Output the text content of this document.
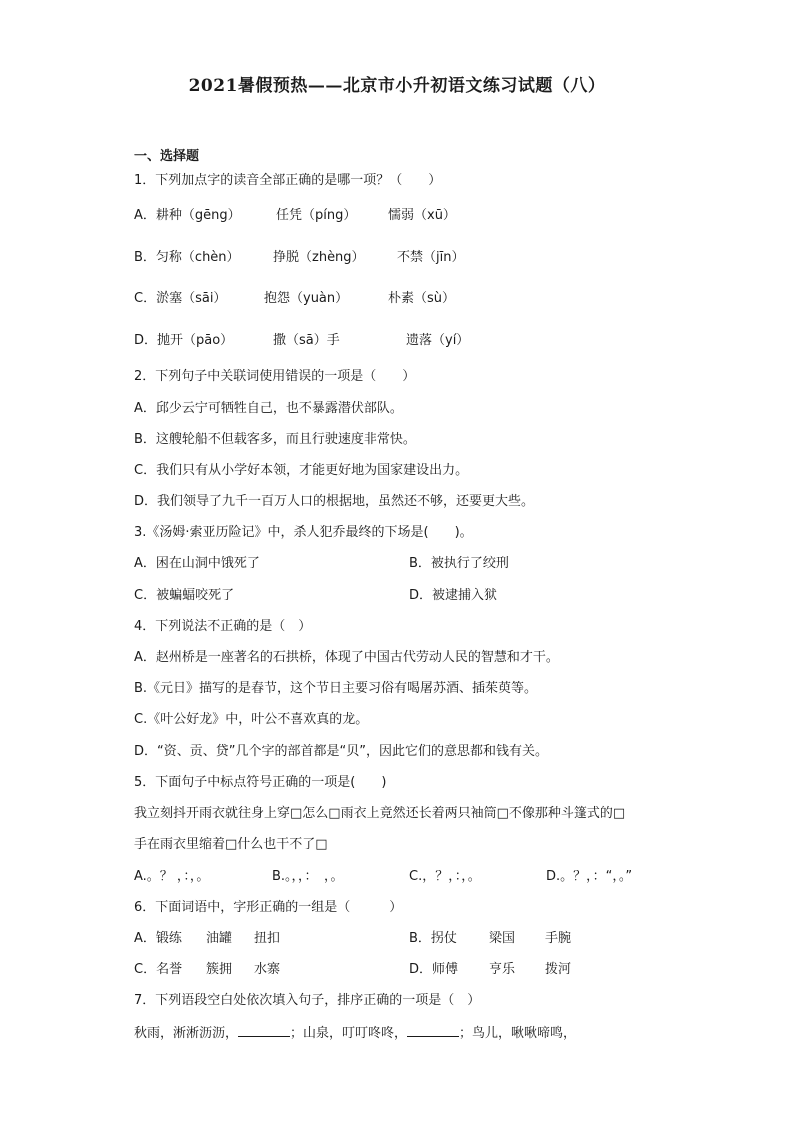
2021暑假预热——北京市小升初语文练习试题（八）
一、选择题
1．下列加点字的读音全部正确的是哪一项？（　　）
A．耕种（gēng）	任凭（píng） 懦弱（xū）
B．匀称（chèn）	挣脱（zhèng） 不禁（jīn）
C．淤塞（sāi）	抱怨（yuàn）	朴素（sù）
D．抛开（pāo）	撒（sā）手	遗落（yí）
2．下列句子中关联词使用错误的一项是（　　）
A．邱少云宁可牺牲自己，也不暴露潜伏部队。
B．这艘轮船不但载客多，而且行驶速度非常快。
C．我们只有从小学好本领，才能更好地为国家建设出力。
D．我们领导了九千一百万人口的根据地，虽然还不够，还要更大些。
3.《汤姆·索亚历险记》中，杀人犯乔最终的下场是(　　)。
A．困在山洞中饿死了	B．被执行了绞刑
C．被蝙蝠咬死了	D．被逮捕入狱
4．下列说法不正确的是（　）
A．赵州桥是一座著名的石拱桥，体现了中国古代劳动人民的智慧和才干。
B.《元日》描写的是春节，这个节日主要习俗有喝屠苏酒、插茱萸等。
C.《叶公好龙》中，叶公不喜欢真的龙。
D．“资、贡、贷”几个字的部首都是“贝”，因此它们的意思都和钱有关。
5．下面句子中标点符号正确的一项是(　　)
我立刻抖开雨衣就往身上穿□怎么□雨衣上竟然还长着两只袖筒□不像那种斗篷式的□
手在雨衣里缩着□什么也干不了□
A.。？ ，：，。	B.。，，：　，。	C.，？，：，。	D.。？，：“，。”
6．下面词语中，字形正确的一组是（　　　）
A．锻练 油罐 扭扣	B．拐仗 梁国 手腕
C．名誉 簇拥 水寨	D．师傅 亨乐 拨河
7．下列语段空白处依次填入句子，排序正确的一项是（　）
秋雨，淅淅沥沥，	；山泉，叮叮咚咚，	；鸟儿，啾啾啼鸣，
